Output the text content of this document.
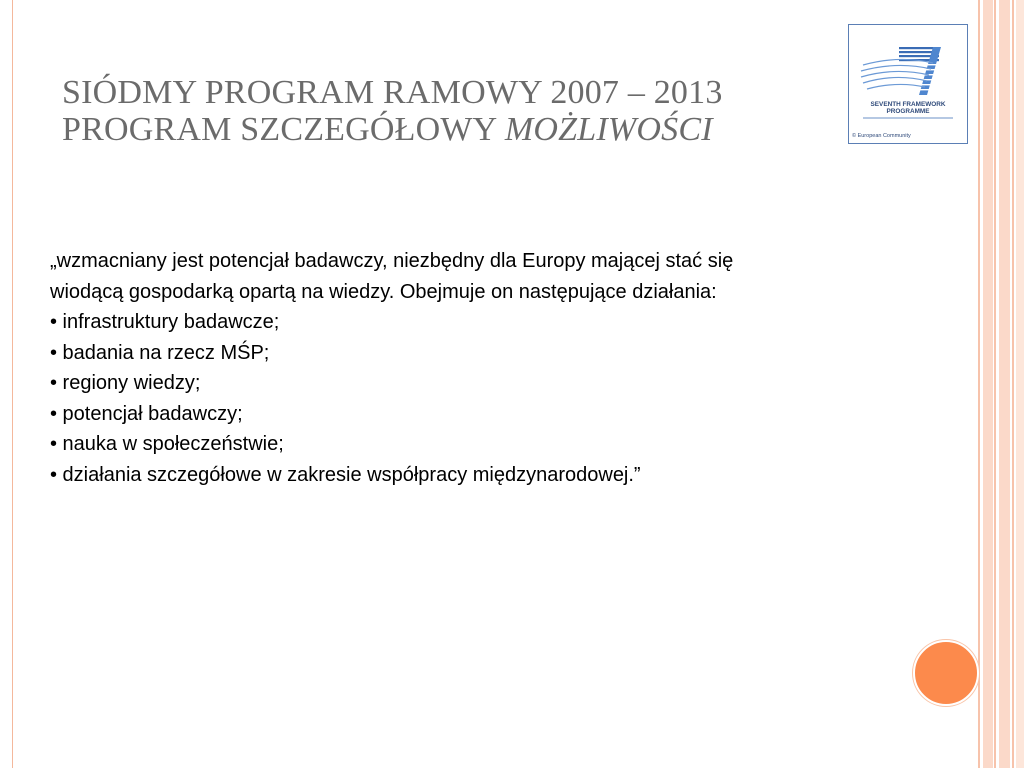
SIÓDMY PROGRAM RAMOWY 2007 – 2013
PROGRAM SZCZEGÓŁOWY MOŻLIWOŚCI
SEVENTH FRAMEWORK
PROGRAMME
© European Community
„wzmacniany jest potencjał badawczy, niezbędny dla Europy mającej stać się
wiodącą gospodarką opartą na wiedzy. Obejmuje on następujące działania:
• infrastruktury badawcze;
• badania na rzecz MŚP;
• regiony wiedzy;
• potencjał badawczy;
• nauka w społeczeństwie;
• działania szczegółowe w zakresie współpracy międzynarodowej.”
